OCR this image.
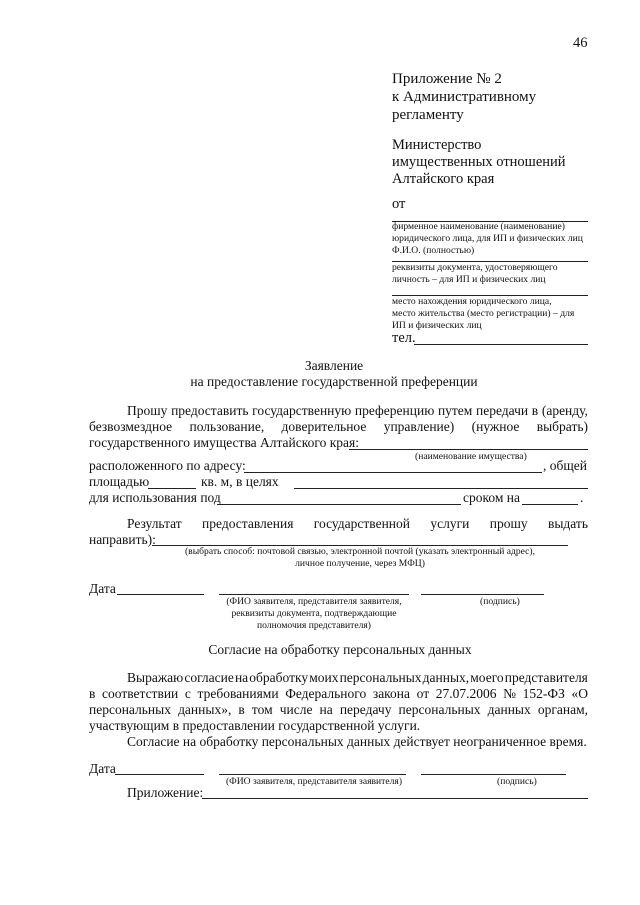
46
Приложение № 2
к Административному
регламенту
Министерство
имущественных отношений
Алтайского края
от
фирменное наименование (наименование)
юридического лица, для ИП и физических лиц
Ф.И.О. (полностью)
реквизиты документа, удостоверяющего
личность – для ИП и физических лиц
место нахождения юридического лица,
место жительства (место регистрации) – для
ИП и физических лиц
тел.
Заявление
на предоставление государственной преференции
Прошу предоставить государственную преференцию путем передачи в (аренду,
безвозмездное пользование, доверительное управление) (нужное выбрать)
государственного имущества Алтайского края:
(наименование имущества)
расположенного по адресу:	, общей
площадью	кв. м, в целях
для использования под	сроком на	.
Результат предоставления государственной услуги прошу выдать
направить):
(выбрать способ: почтовой связью, электронной почтой (указать электронный адрес),
личное получение, через МФЦ)
Дата
(ФИО заявителя, представителя заявителя,
реквизиты документа, подтверждающие
полномочия представителя)
(подпись)
Согласие на обработку персональных данных
Выражаю согласие на обработку моих персональных данных, моего представителя
в соответствии с требованиями Федерального закона от 27.07.2006 № 152-ФЗ «О
персональных данных», в том числе на передачу персональных данных органам,
участвующим в предоставлении государственной услуги.
Согласие на обработку персональных данных действует неограниченное время.
Дата
(ФИО заявителя, представителя заявителя)	(подпись)
Приложение:
